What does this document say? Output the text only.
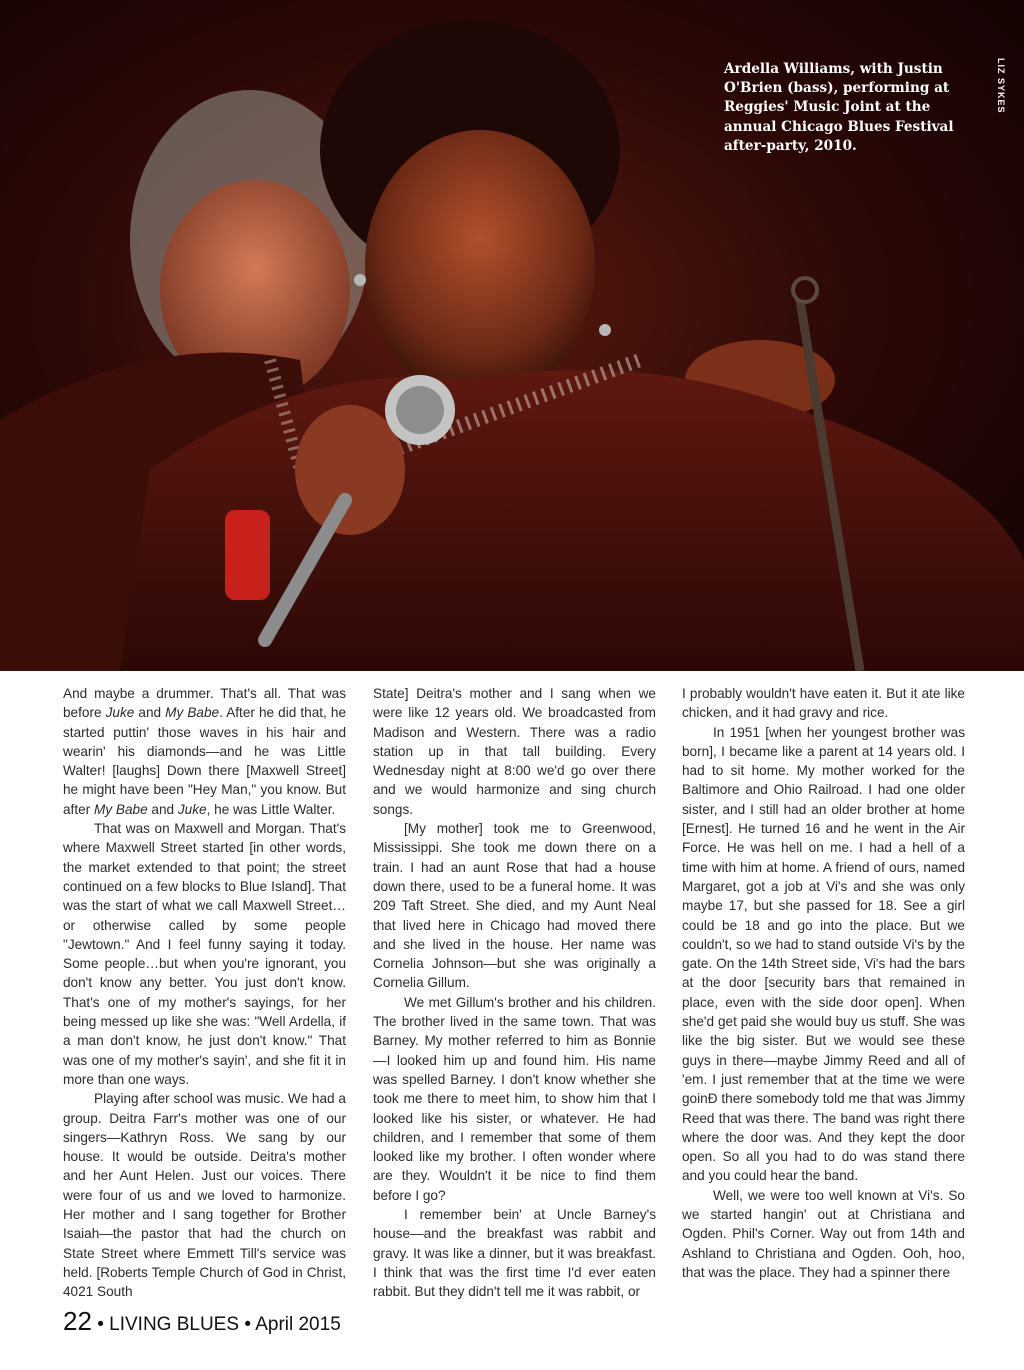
Ardella Williams, with Justin O'Brien (bass), performing at Reggies' Music Joint at the annual Chicago Blues Festival after-party, 2010.
LIZ SYKES

And maybe a drummer. That's all. That was before Juke and My Babe. After he did that, he started puttin' those waves in his hair and wearin' his diamonds—and he was Little Walter! [laughs] Down there [Maxwell Street] he might have been "Hey Man," you know. But after My Babe and Juke, he was Little Walter.

That was on Maxwell and Morgan. That's where Maxwell Street started [in other words, the market extended to that point; the street continued on a few blocks to Blue Island]. That was the start of what we call Maxwell Street…or otherwise called by some people "Jewtown." And I feel funny saying it today. Some people…but when you're ignorant, you don't know any better. You just don't know. That's one of my mother's sayings, for her being messed up like she was: "Well Ardella, if a man don't know, he just don't know." That was one of my mother's sayin', and she fit it in more than one ways.

Playing after school was music. We had a group. Deitra Farr's mother was one of our singers—Kathryn Ross. We sang by our house. It would be outside. Deitra's mother and her Aunt Helen. Just our voices. There were four of us and we loved to harmonize. Her mother and I sang together for Brother Isaiah—the pastor that had the church on State Street where Emmett Till's service was held. [Roberts Temple Church of God in Christ, 4021 South

State] Deitra's mother and I sang when we were like 12 years old. We broadcasted from Madison and Western. There was a radio station up in that tall building. Every Wednesday night at 8:00 we'd go over there and we would harmonize and sing church songs.

[My mother] took me to Greenwood, Mississippi. She took me down there on a train. I had an aunt Rose that had a house down there, used to be a funeral home. It was 209 Taft Street. She died, and my Aunt Neal that lived here in Chicago had moved there and she lived in the house. Her name was Cornelia Johnson—but she was originally a Cornelia Gillum.

We met Gillum's brother and his children. The brother lived in the same town. That was Barney. My mother referred to him as Bonnie—I looked him up and found him. His name was spelled Barney. I don't know whether she took me there to meet him, to show him that I looked like his sister, or whatever. He had children, and I remember that some of them looked like my brother. I often wonder where are they. Wouldn't it be nice to find them before I go?

I remember bein' at Uncle Barney's house—and the breakfast was rabbit and gravy. It was like a dinner, but it was breakfast. I think that was the first time I'd ever eaten rabbit. But they didn't tell me it was rabbit, or

I probably wouldn't have eaten it. But it ate like chicken, and it had gravy and rice.

In 1951 [when her youngest brother was born], I became like a parent at 14 years old. I had to sit home. My mother worked for the Baltimore and Ohio Railroad. I had one older sister, and I still had an older brother at home [Ernest]. He turned 16 and he went in the Air Force. He was hell on me. I had a hell of a time with him at home. A friend of ours, named Margaret, got a job at Vi's and she was only maybe 17, but she passed for 18. See a girl could be 18 and go into the place. But we couldn't, so we had to stand outside Vi's by the gate. On the 14th Street side, Vi's had the bars at the door [security bars that remained in place, even with the side door open]. When she'd get paid she would buy us stuff. She was like the big sister. But we would see these guys in there—maybe Jimmy Reed and all of 'em. I just remember that at the time we were goinÐ there somebody told me that was Jimmy Reed that was there. The band was right there where the door was. And they kept the door open. So all you had to do was stand there and you could hear the band.

Well, we were too well known at Vi's. So we started hangin' out at Christiana and Ogden. Phil's Corner. Way out from 14th and Ashland to Christiana and Ogden. Ooh, hoo, that was the place. They had a spinner there

22 • LIVING BLUES • April 2015
